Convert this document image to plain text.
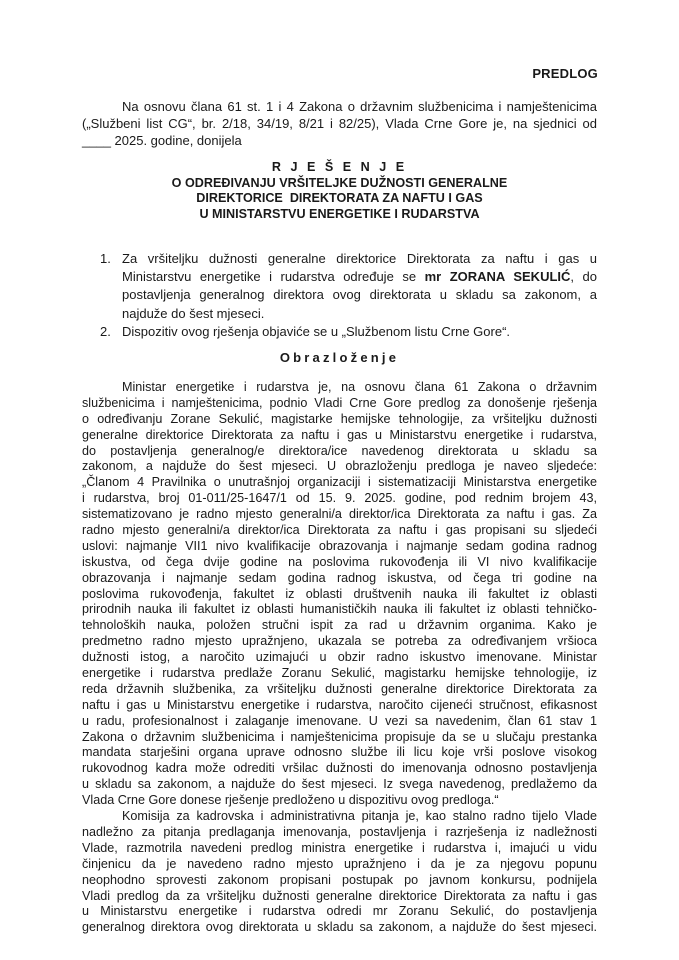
PREDLOG
Na osnovu člana 61 st. 1 i 4 Zakona o državnim službenicima i namještenicima
(„Službeni list CG“, br. 2/18, 34/19, 8/21 i 82/25), Vlada Crne Gore je, na sjednici od
____ 2025. godine, donijela
R J E Š E N J E
O ODREĐIVANJU VRŠITELJKE DUŽNOSTI GENERALNE
DIREKTORICE  DIREKTORATA ZA NAFTU I GAS
U MINISTARSTVU ENERGETIKE I RUDARSTVA
1. Za vršiteljku dužnosti generalne direktorice Direktorata za naftu i gas u
Ministarstvu energetike i rudarstva određuje se mr ZORANA SEKULIĆ, do
postavljenja generalnog direktora ovog direktorata u skladu sa zakonom, a
najduže do šest mjeseci.
2. Dispozitiv ovog rješenja objaviće se u „Službenom listu Crne Gore“.
Obrazloženje
Ministar energetike i rudarstva je, na osnovu člana 61 Zakona o državnim
službenicima i namještenicima, podnio Vladi Crne Gore predlog za donošenje rješenja
o određivanju Zorane Sekulić, magistarke hemijske tehnologije, za vršiteljku dužnosti
generalne direktorice Direktorata za naftu i gas u Ministarstvu energetike i rudarstva,
do postavljenja generalnog/e direktora/ice navedenog direktorata u skladu sa
zakonom, a najduže do šest mjeseci. U obrazloženju predloga je naveo sljedeće:
„Članom 4 Pravilnika o unutrašnjoj organizaciji i sistematizaciji Ministarstva energetike
i rudarstva, broj 01-011/25-1647/1 od 15. 9. 2025. godine, pod rednim brojem 43,
sistematizovano je radno mjesto generalni/a direktor/ica Direktorata za naftu i gas. Za
radno mjesto generalni/a direktor/ica Direktorata za naftu i gas propisani su sljedeći
uslovi: najmanje VII1 nivo kvalifikacije obrazovanja i najmanje sedam godina radnog
iskustva, od čega dvije godine na poslovima rukovođenja ili VI nivo kvalifikacije
obrazovanja i najmanje sedam godina radnog iskustva, od čega tri godine na
poslovima rukovođenja, fakultet iz oblasti društvenih nauka ili fakultet iz oblasti
prirodnih nauka ili fakultet iz oblasti humanističkih nauka ili fakultet iz oblasti tehničko-
tehnoloških nauka, položen stručni ispit za rad u državnim organima. Kako je
predmetno radno mjesto upražnjeno, ukazala se potreba za određivanjem vršioca
dužnosti istog, a naročito uzimajući u obzir radno iskustvo imenovane. Ministar
energetike i rudarstva predlaže Zoranu Sekulić, magistarku hemijske tehnologije, iz
reda državnih službenika, za vršiteljku dužnosti generalne direktorice Direktorata za
naftu i gas u Ministarstvu energetike i rudarstva, naročito cijeneći stručnost, efikasnost
u radu, profesionalnost i zalaganje imenovane. U vezi sa navedenim, član 61 stav 1
Zakona o državnim službenicima i namještenicima propisuje da se u slučaju prestanka
mandata starješini organa uprave odnosno službe ili licu koje vrši poslove visokog
rukovodnog kadra može odrediti vršilac dužnosti do imenovanja odnosno postavljenja
u skladu sa zakonom, a najduže do šest mjeseci. Iz svega navedenog, predlažemo da
Vlada Crne Gore donese rješenje predloženo u dispozitivu ovog predloga.“
Komisija za kadrovska i administrativna pitanja je, kao stalno radno tijelo Vlade
nadležno za pitanja predlaganja imenovanja, postavljenja i razrješenja iz nadležnosti
Vlade, razmotrila navedeni predlog ministra energetike i rudarstva i, imajući u vidu
činjenicu da je navedeno radno mjesto upražnjeno i da je za njegovu popunu
neophodno sprovesti zakonom propisani postupak po javnom konkursu, podnijela
Vladi predlog da za vršiteljku dužnosti generalne direktorice Direktorata za naftu i gas
u Ministarstvu energetike i rudarstva odredi mr Zoranu Sekulić, do postavljenja
generalnog direktora ovog direktorata u skladu sa zakonom, a najduže do šest mjeseci.
